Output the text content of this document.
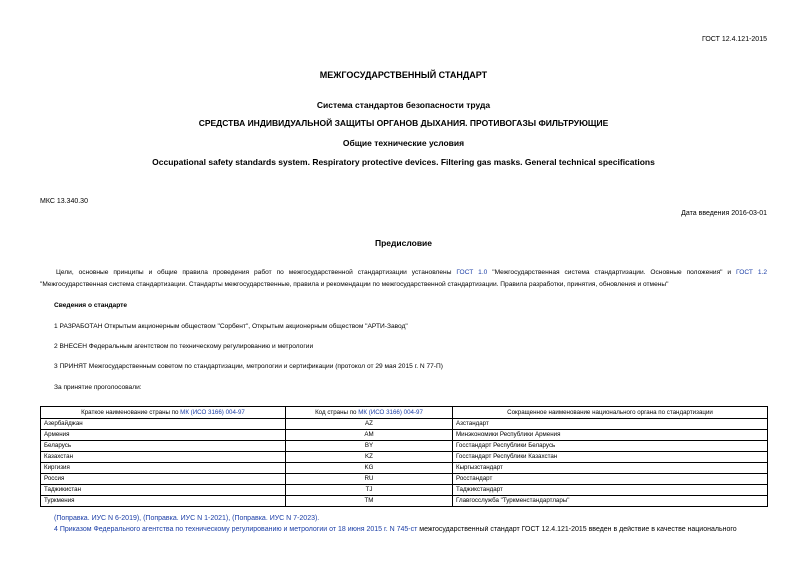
ГОСТ 12.4.121-2015
МЕЖГОСУДАРСТВЕННЫЙ СТАНДАРТ
Система стандартов безопасности труда
СРЕДСТВА ИНДИВИДУАЛЬНОЙ ЗАЩИТЫ ОРГАНОВ ДЫХАНИЯ. ПРОТИВОГАЗЫ ФИЛЬТРУЮЩИЕ
Общие технические условия
Occupational safety standards system. Respiratory protective devices. Filtering gas masks. General technical specifications
МКС 13.340.30
Дата введения 2016-03-01
Предисловие
Цели, основные принципы и общие правила проведения работ по межгосударственной стандартизации установлены ГОСТ 1.0 "Межгосударственная система стандартизации. Основные положения" и ГОСТ 1.2 "Межгосударственная система стандартизации. Стандарты межгосударственные, правила и рекомендации по межгосударственной стандартизации. Правила разработки, принятия, обновления и отмены"
Сведения о стандарте
1 РАЗРАБОТАН Открытым акционерным обществом "Сорбент", Открытым акционерным обществом "АРТИ-Завод"
2 ВНЕСЕН Федеральным агентством по техническому регулированию и метрологии
3 ПРИНЯТ Межгосударственным советом по стандартизации, метрологии и сертификации (протокол от 29 мая 2015 г. N 77-П)
За принятие проголосовали:
Краткое наименование страны по МК (ИСО 3166) 004-97	Код страны по МК (ИСО 3166) 004-97	Сокращенное наименование национального органа по стандартизации
Азербайджан	AZ	Азстандарт
Армения	AM	Минэкономики Республики Армения
Беларусь	BY	Госстандарт Республики Беларусь
Казахстан	KZ	Госстандарт Республики Казахстан
Киргизия	KG	Кыргызстандарт
Россия	RU	Росстандарт
Таджикистан	TJ	Таджикстандарт
Туркмения	TM	Главгосслужба "Туркменстандартлары"
(Поправка. ИУС N 6-2019), (Поправка. ИУС N 1-2021), (Поправка. ИУС N 7-2023).
4 Приказом Федерального агентства по техническому регулированию и метрологии от 18 июня 2015 г. N 745-ст межгосударственный стандарт ГОСТ 12.4.121-2015 введен в действие в качестве национального
